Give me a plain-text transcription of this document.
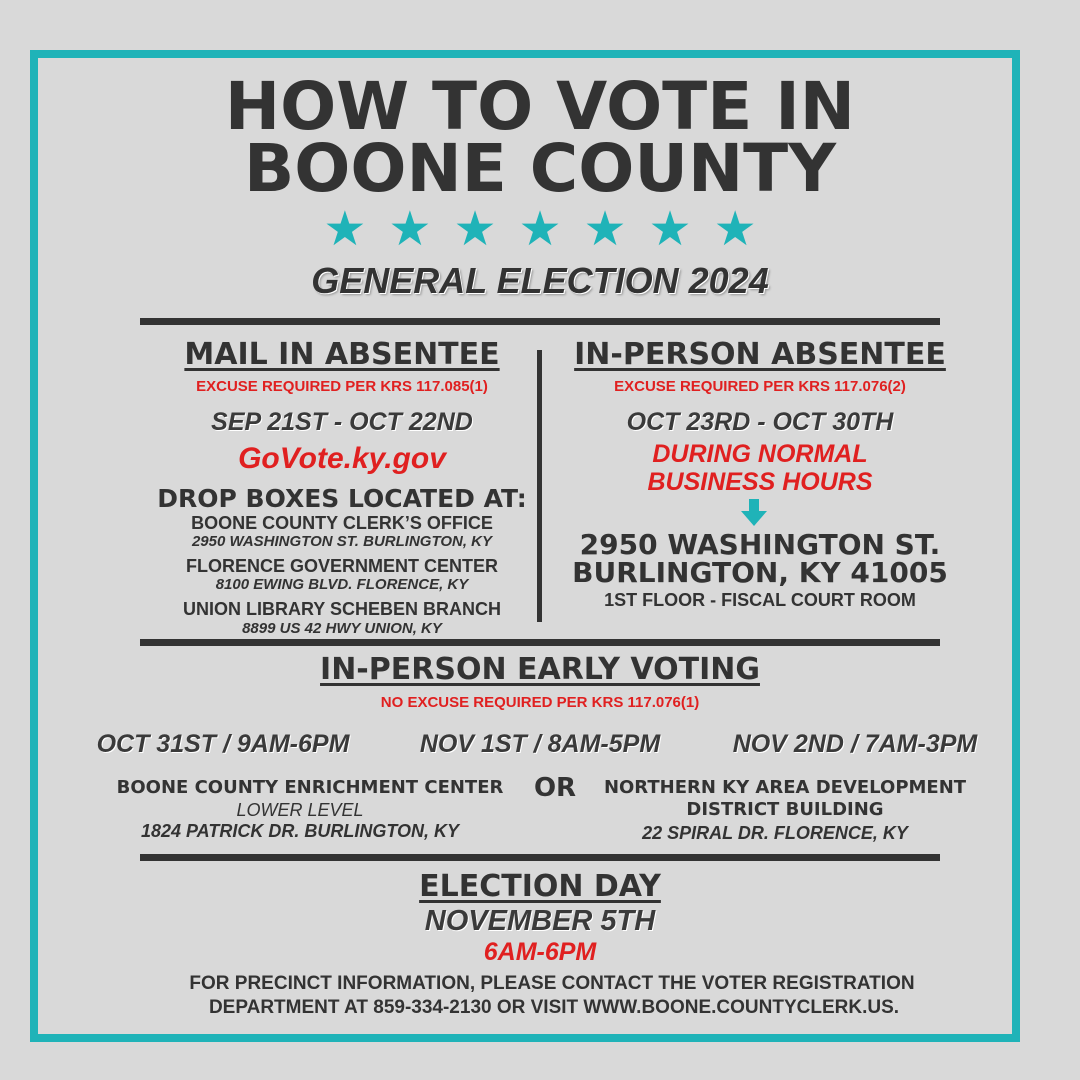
HOW TO VOTE IN
BOONE COUNTY
★★★★★★★
GENERAL ELECTION 2024
MAIL IN ABSENTEE
EXCUSE REQUIRED PER KRS 117.085(1)
SEP 21ST - OCT 22ND
GoVote.ky.gov
DROP BOXES LOCATED AT:
BOONE COUNTY CLERK’S OFFICE
2950 WASHINGTON ST. BURLINGTON, KY
FLORENCE GOVERNMENT CENTER
8100 EWING BLVD. FLORENCE, KY
UNION LIBRARY SCHEBEN BRANCH
8899 US 42 HWY UNION, KY
IN-PERSON ABSENTEE
EXCUSE REQUIRED PER KRS 117.076(2)
OCT 23RD - OCT 30TH
DURING NORMAL
BUSINESS HOURS
2950 WASHINGTON ST.
BURLINGTON, KY 41005
1ST FLOOR - FISCAL COURT ROOM
IN-PERSON EARLY VOTING
NO EXCUSE REQUIRED PER KRS 117.076(1)
OCT 31ST / 9AM-6PM	NOV 1ST / 8AM-5PM	NOV 2ND / 7AM-3PM
BOONE COUNTY ENRICHMENT CENTER
LOWER LEVEL
1824 PATRICK DR. BURLINGTON, KY
OR	NORTHERN KY AREA DEVELOPMENT
DISTRICT BUILDING
22 SPIRAL DR. FLORENCE, KY
ELECTION DAY
NOVEMBER 5TH
6AM-6PM
FOR PRECINCT INFORMATION, PLEASE CONTACT THE VOTER REGISTRATION
DEPARTMENT AT 859-334-2130 OR VISIT WWW.BOONE.COUNTYCLERK.US.
